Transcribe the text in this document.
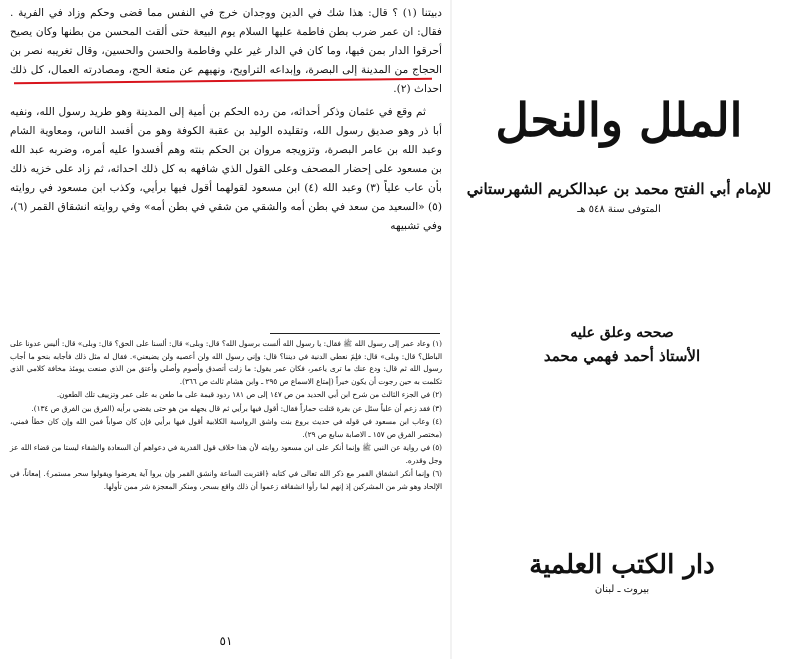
دبيتنا (١) ؟ قال: هذا شك في الدين ووجدان خرج في النفس مما قضى وحكم وزاد في الفرية . فقال: ان عمر ضرب بطن فاطمة عليها السلام يوم البيعة حتى ألقت المحسن من بطنها وكان يصيح أحرقوا الدار بمن فيها، وما كان في الدار غير علي وفاطمة والحسن والحسين، وقال تغريبه نصر بن الحجاج من المدينة إلى البصرة، وإبداعه التراويح، ونهيهم عن متعة الحج، ومصادرته العمال، كل ذلك احداث (٢).

ثم وقع في عثمان وذكر أحداثه، من رده الحكم بن أمية إلى المدينة وهو طريد رسول الله، ونفيه أبا ذر وهو صديق رسول الله، وتقليده الوليد بن عقبة الكوفة وهو من أفسد الناس، ومعاوية الشام وعبد الله بن عامر البصرة، وتزويجه مروان بن الحكم بنته وهم أفسدوا عليه أمره، وضربه عبد الله بن مسعود على إحضار المصحف وعلى القول الذي شافهه به كل ذلك احداثه، ثم زاد على خزيه ذلك بأن عاب علياً (٣) وعبد الله (٤) ابن مسعود لقولهما أقول فيها برأيي، وكذب ابن مسعود في روايته (٥) «السعيد من سعد في بطن أمه والشقي من شقي في بطن أمه» وفي روايته انشقاق القمر (٦)، وفي تشبيهه

(١) وعاد عمر إلى رسول الله ﷺ فقال: يا رسول الله ألست برسول الله؟ قال: وبلى» قال: ألسنا على الحق؟ قال: وبلى» قال: أليس عدونا على الباطل؟ قال: وبلى» قال: فلِمَ نعطي الدنية في ديننا؟ قال: وإني رسول الله ولن أعصيه ولن يضيعني». فقال له مثل ذلك فأجابه بنحو ما أجاب رسول الله ثم قال: ودع عنك ما ترى ياعمر، فكان عمر يقول: ما زلت أتصدق وأصوم وأصلي وأعتق من الذي صنعت يومئذ مخافة كلامي الذي تكلمت به حين رجوت أن يكون خيراً (إمتاع الاسماع ص ٢٩٥ ـ وابن هشام ثالث ص ٣٦٦).

(٢) في الجزء الثالث من شرح ابن أبي الحديد من ص ١٤٧ إلى ص ١٨١ ردود قيمة على ما طعن به على عمر وتزييف تلك الطعون.

(٣) فقد زعم أن علياً سئل عن بقرة قتلت حماراً فقال: أقول فيها برأيي ثم قال يجهله من هو حتى يقضي برأيه (الفرق بين الفرق ص ١٣٤).

(٤) وعاب ابن مسعود في قوله في حديث بروع بنت واشق الرواسية الكلابية أقول فيها برأيي فإن كان صواباً فمن الله وإن كان خطأ فمني، (مختصر الفرق ص ١٥٧ ـ الاصابة سابع ص ٢٩).

(٥) في رواية عن النبي ﷺ وإنما أنكر على ابن مسعود روايته لأن هذا خلاف قول القدرية في دعواهم أن السعادة والشقاء ليستا من قضاء الله عز وجل وقدره.

(٦) وإنما أنكر انشقاق القمر مع ذكر الله تعالى في كتابه ﴿اقتربت الساعة وانشق القمر وإن يروا آية يعرضوا ويقولوا سحر مستمر﴾. إمعاناً، في الإلحاد وهو شر من المشركين إذ إنهم لما رأوا انشقاقه زعموا أن ذلك واقع بسحر، ومنكر المعجزة شر ممن تأولها.

٥١
الملل والنحل
للإمام أبي الفتح محمد بن عبدالكريم الشهرستاني
المتوفى سنة ٥٤٨ هـ
صححه وعلق عليه
الأستاذ أحمد فهمي محمد
دار الكتب العلمية
بيروت ـ لبنان
